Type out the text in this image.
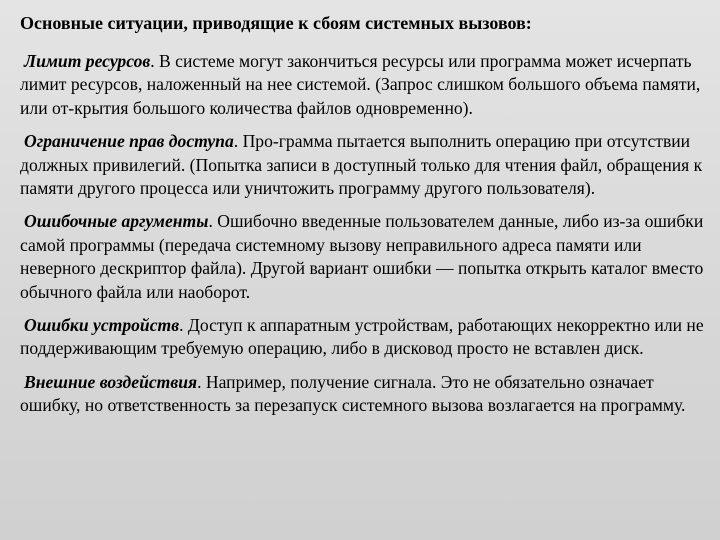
Основные ситуации, приводящие к сбоям системных вызовов:

Лимит ресурсов. В системе могут закончиться ресурсы или программа может исчерпать лимит ресурсов, наложенный на нее системой. (Запрос слишком большого объема памяти, или от-крытия большого количества файлов одновременно).

Ограничение прав доступа. Про-грамма пытается выполнить операцию при отсутствии должных привилегий. (Попытка записи в доступный только для чтения файл, обращения к памяти другого процесса или уничтожить программу другого пользователя).

Ошибочные аргументы. Ошибочно введенные пользователем данные, либо из-за ошибки самой программы (передача системному вызову неправильного адреса памяти или неверного дескриптор файла). Другой вариант ошибки — попытка открыть каталог вместо обычного файла или наоборот.

Ошибки устройств. Доступ к аппаратным устройствам, работающих некорректно или не поддерживающим требуемую операцию, либо в дисковод просто не вставлен диск.

Внешние воздействия. Например, получение сигнала. Это не обязательно означает ошибку, но ответственность за перезапуск системного вызова возлагается на программу.
